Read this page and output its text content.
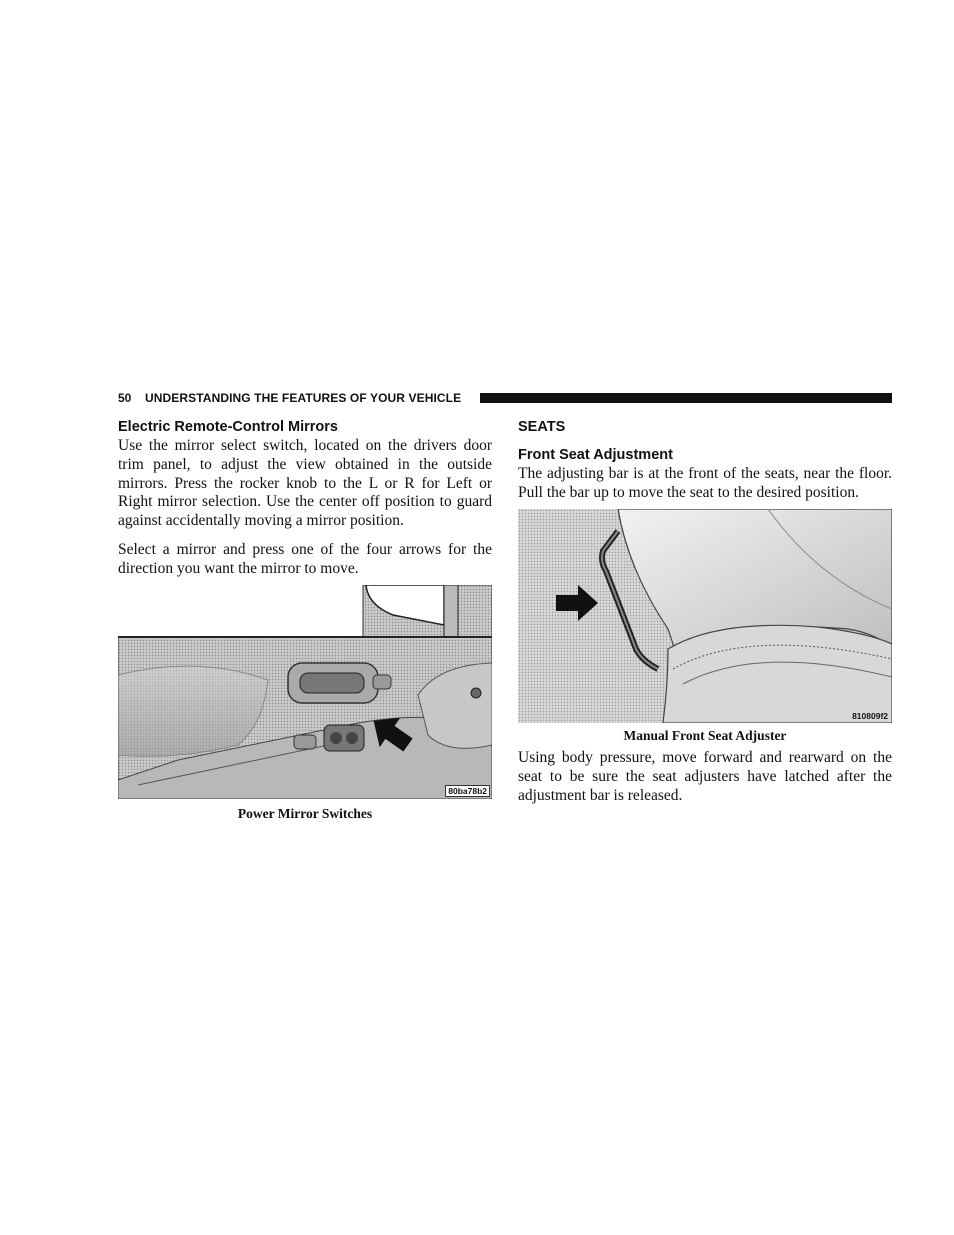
50 UNDERSTANDING THE FEATURES OF YOUR VEHICLE
Electric Remote-Control Mirrors

Use the mirror select switch, located on the drivers door trim panel, to adjust the view obtained in the outside mirrors. Press the rocker knob to the L or R for Left or Right mirror selection. Use the center off position to guard against accidentally moving a mirror position.

Select a mirror and press one of the four arrows for the direction you want the mirror to move.

80ba78b2

Power Mirror Switches

SEATS
Front Seat Adjustment

The adjusting bar is at the front of the seats, near the floor. Pull the bar up to move the seat to the desired position.

810809f2

Manual Front Seat Adjuster

Using body pressure, move forward and rearward on the seat to be sure the seat adjusters have latched after the adjustment bar is released.
